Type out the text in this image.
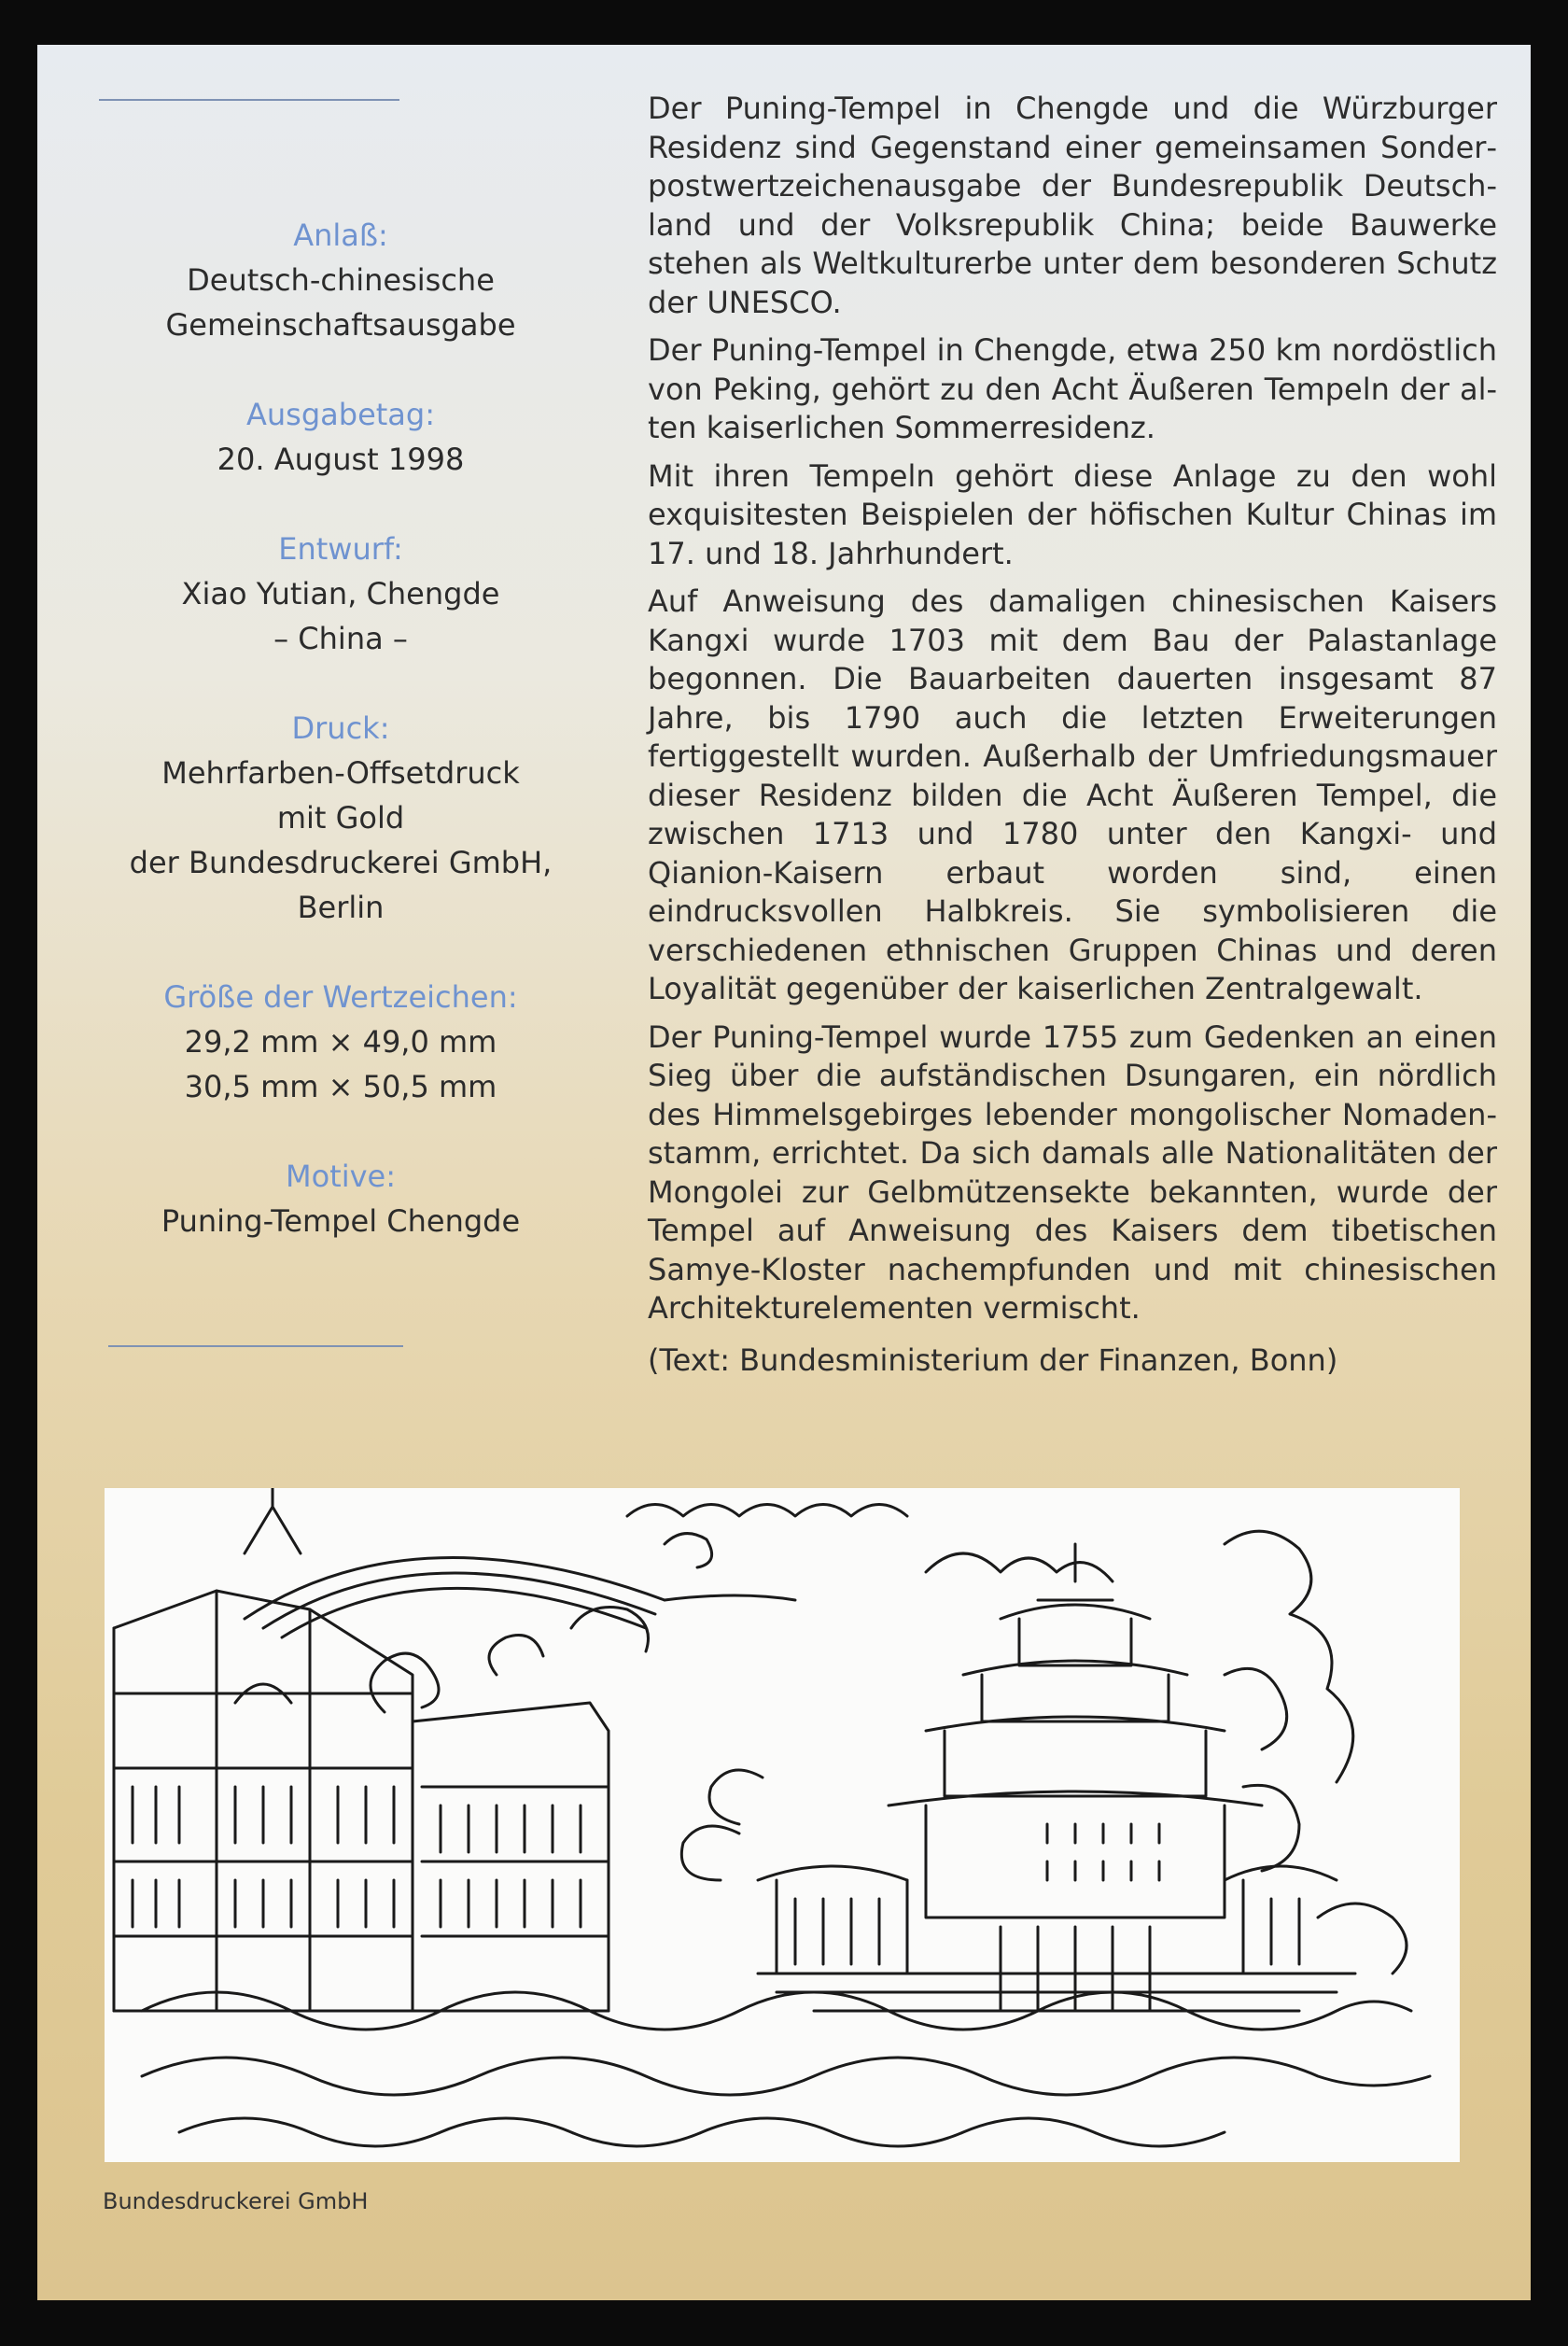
Anlaß:
Deutsch-chinesische
Gemeinschaftsausgabe
Ausgabetag:
20. August 1998
Entwurf:
Xiao Yutian, Chengde
– China –
Druck:
Mehrfarben-Offsetdruck
mit Gold
der Bundesdruckerei GmbH,
Berlin
Größe der Wertzeichen:
29,2 mm × 49,0 mm
30,5 mm × 50,5 mm
Motive:
Puning-Tempel Chengde

Der Puning-Tempel in Chengde und die Würzburger Residenz sind Gegenstand einer gemeinsamen Sonderpostwertzeichenausgabe der Bundesrepublik Deutschland und der Volksrepublik China; beide Bauwerke stehen als Weltkulturerbe unter dem besonderen Schutz der UNESCO.

Der Puning-Tempel in Chengde, etwa 250 km nordöstlich von Peking, gehört zu den Acht Äußeren Tempeln der alten kaiserlichen Sommerresidenz.

Mit ihren Tempeln gehört diese Anlage zu den wohl exquisitesten Beispielen der höfischen Kultur Chinas im 17. und 18. Jahrhundert.

Auf Anweisung des damaligen chinesischen Kaisers Kangxi wurde 1703 mit dem Bau der Palastanlage begonnen. Die Bauarbeiten dauerten insgesamt 87 Jahre, bis 1790 auch die letzten Erweiterungen fertiggestellt wurden. Außerhalb der Umfriedungsmauer dieser Residenz bilden die Acht Äußeren Tempel, die zwischen 1713 und 1780 unter den Kangxi- und Qianion-Kaisern erbaut worden sind, einen eindrucksvollen Halbkreis. Sie symbolisieren die verschiedenen ethnischen Gruppen Chinas und deren Loyalität gegenüber der kaiserlichen Zentralgewalt.

Der Puning-Tempel wurde 1755 zum Gedenken an einen Sieg über die aufständischen Dsungaren, ein nördlich des Himmelsgebirges lebender mongolischer Nomadenstamm, errichtet. Da sich damals alle Nationalitäten der Mongolei zur Gelbmützensekte bekannten, wurde der Tempel auf Anweisung des Kaisers dem tibetischen Samye-Kloster nachempfunden und mit chinesischen Architekturelementen vermischt.

(Text: Bundesministerium der Finanzen, Bonn)

Bundesdruckerei GmbH
